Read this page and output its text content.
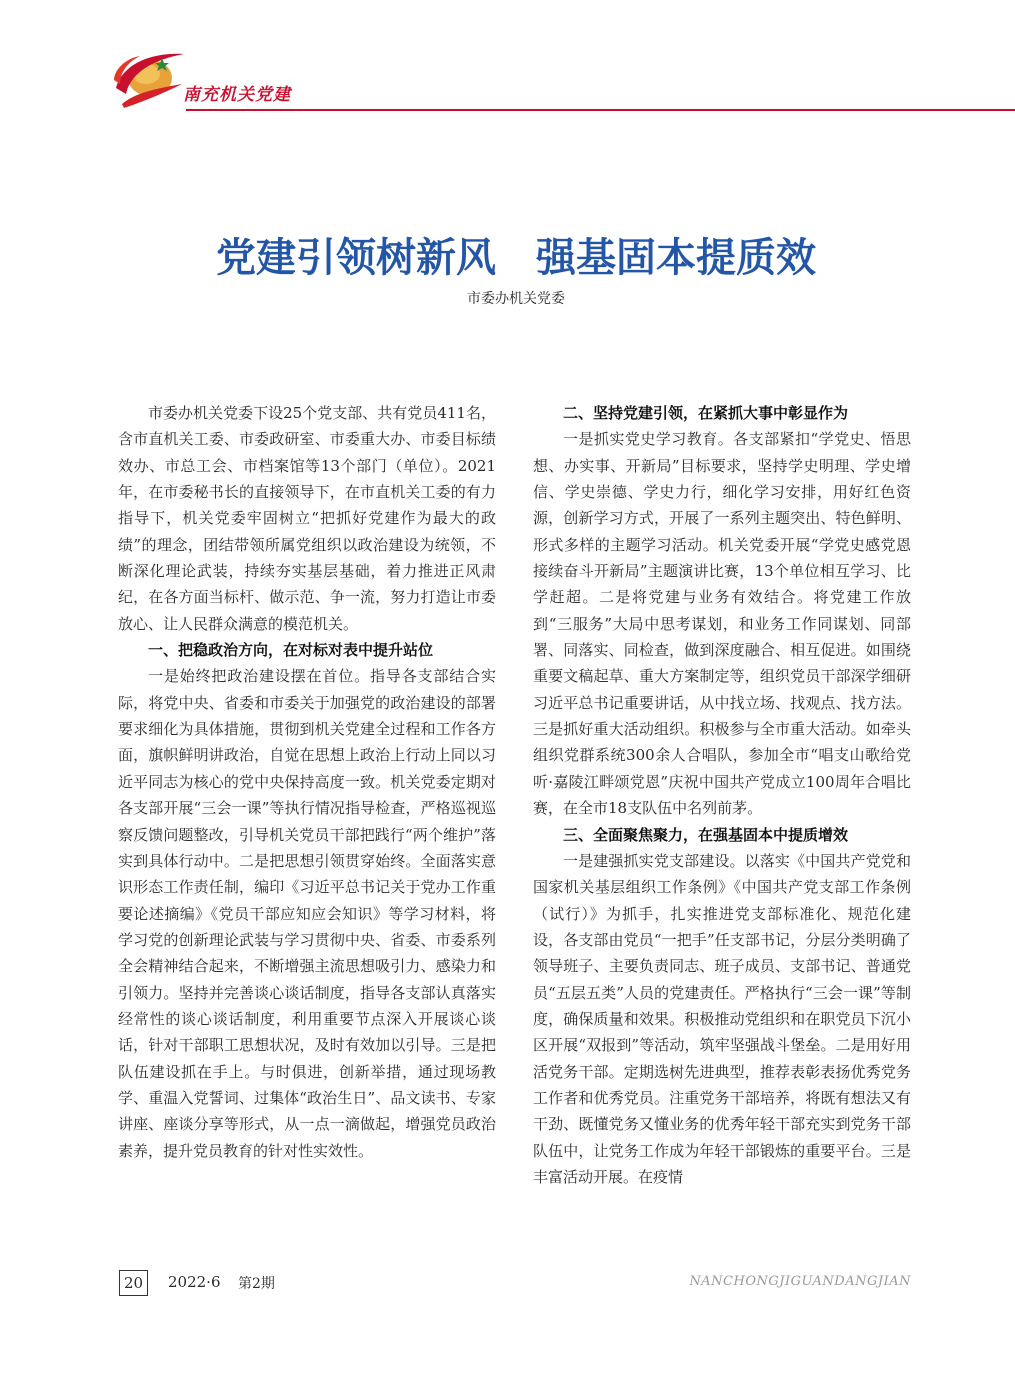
南充机关党建
党建引领树新风　强基固本提质效
市委办机关党委

市委办机关党委下设25个党支部、共有党员411名，含市直机关工委、市委政研室、市委重大办、市委目标绩效办、市总工会、市档案馆等13个部门（单位）。2021年，在市委秘书长的直接领导下，在市直机关工委的有力指导下，机关党委牢固树立“把抓好党建作为最大的政绩”的理念，团结带领所属党组织以政治建设为统领，不断深化理论武装，持续夯实基层基础，着力推进正风肃纪，在各方面当标杆、做示范、争一流，努力打造让市委放心、让人民群众满意的模范机关。

一、把稳政治方向，在对标对表中提升站位

一是始终把政治建设摆在首位。指导各支部结合实际，将党中央、省委和市委关于加强党的政治建设的部署要求细化为具体措施，贯彻到机关党建全过程和工作各方面，旗帜鲜明讲政治，自觉在思想上政治上行动上同以习近平同志为核心的党中央保持高度一致。机关党委定期对各支部开展“三会一课”等执行情况指导检查，严格巡视巡察反馈问题整改，引导机关党员干部把践行“两个维护”落实到具体行动中。二是把思想引领贯穿始终。全面落实意识形态工作责任制，编印《习近平总书记关于党办工作重要论述摘编》《党员干部应知应会知识》等学习材料，将学习党的创新理论武装与学习贯彻中央、省委、市委系列全会精神结合起来，不断增强主流思想吸引力、感染力和引领力。坚持并完善谈心谈话制度，指导各支部认真落实经常性的谈心谈话制度，利用重要节点深入开展谈心谈话，针对干部职工思想状况，及时有效加以引导。三是把队伍建设抓在手上。与时俱进，创新举措，通过现场教学、重温入党誓词、过集体“政治生日”、品文读书、专家讲座、座谈分享等形式，从一点一滴做起，增强党员政治素养，提升党员教育的针对性实效性。

二、坚持党建引领，在紧抓大事中彰显作为

一是抓实党史学习教育。各支部紧扣“学党史、悟思想、办实事、开新局”目标要求，坚持学史明理、学史增信、学史崇德、学史力行，细化学习安排，用好红色资源，创新学习方式，开展了一系列主题突出、特色鲜明、形式多样的主题学习活动。机关党委开展“学党史感党恩 接续奋斗开新局”主题演讲比赛，13个单位相互学习、比学赶超。二是将党建与业务有效结合。将党建工作放到“三服务”大局中思考谋划，和业务工作同谋划、同部署、同落实、同检查，做到深度融合、相互促进。如围绕重要文稿起草、重大方案制定等，组织党员干部深学细研习近平总书记重要讲话，从中找立场、找观点、找方法。三是抓好重大活动组织。积极参与全市重大活动。如牵头组织党群系统300余人合唱队，参加全市“唱支山歌给党听·嘉陵江畔颂党恩”庆祝中国共产党成立100周年合唱比赛，在全市18支队伍中名列前茅。

三、全面聚焦聚力，在强基固本中提质增效

一是建强抓实党支部建设。以落实《中国共产党党和国家机关基层组织工作条例》《中国共产党支部工作条例（试行）》为抓手，扎实推进党支部标准化、规范化建设，各支部由党员“一把手”任支部书记，分层分类明确了领导班子、主要负责同志、班子成员、支部书记、普通党员“五层五类”人员的党建责任。严格执行“三会一课”等制度，确保质量和效果。积极推动党组织和在职党员下沉小区开展“双报到”等活动，筑牢坚强战斗堡垒。二是用好用活党务干部。定期选树先进典型，推荐表彰表扬优秀党务工作者和优秀党员。注重党务干部培养，将既有想法又有干劲、既懂党务又懂业务的优秀年轻干部充实到党务干部队伍中，让党务工作成为年轻干部锻炼的重要平台。三是丰富活动开展。在疫情

20	2022·6 第2期	NANCHONGJIGUANDANGJIAN
